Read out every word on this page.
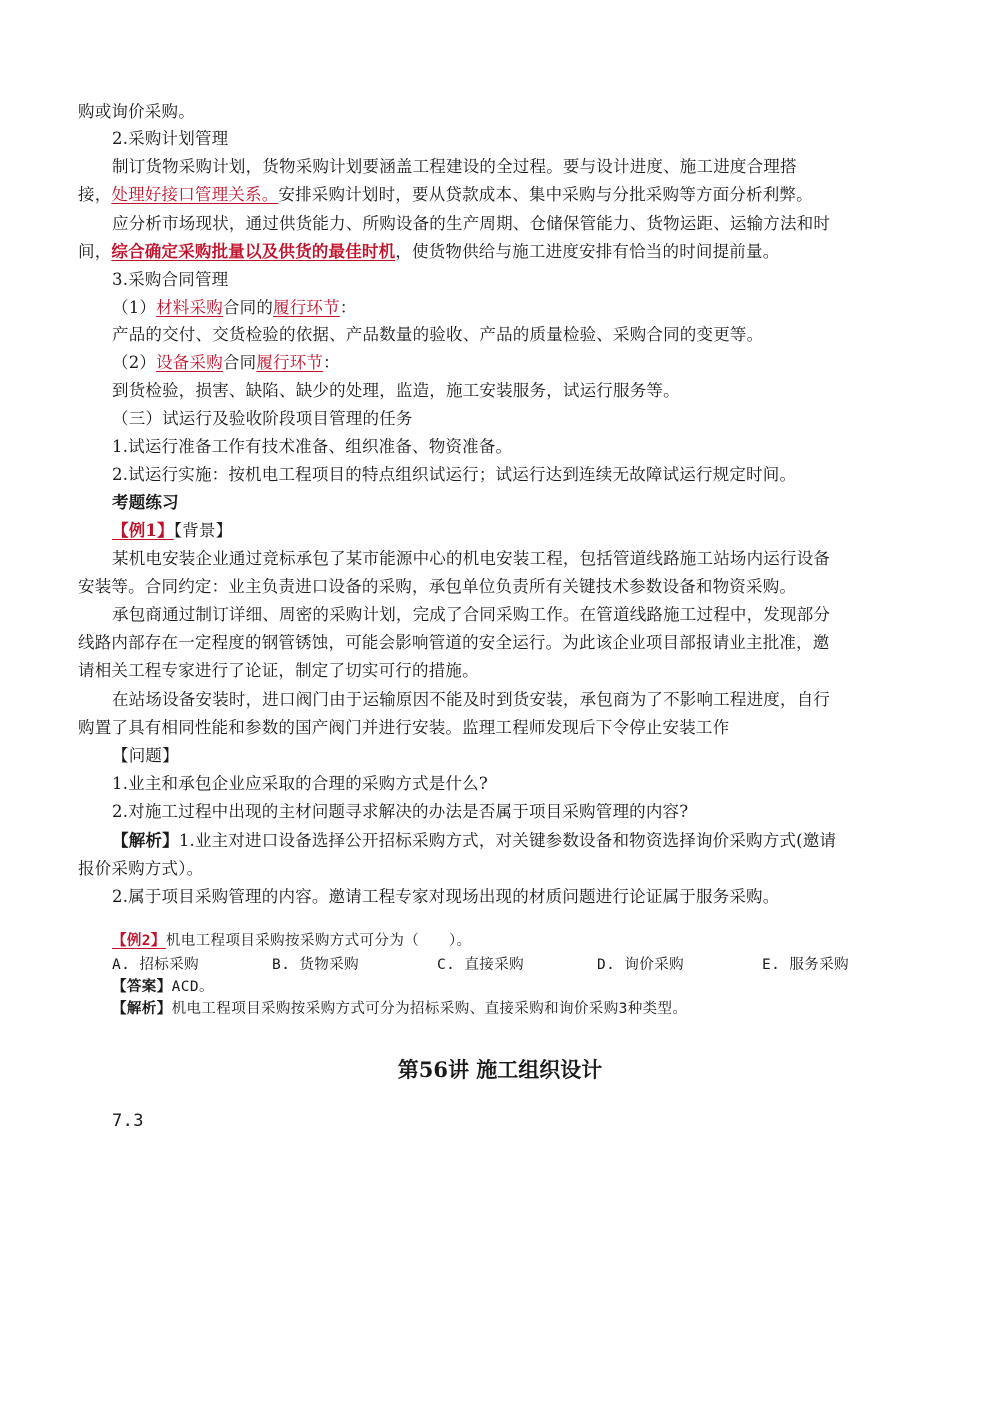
购或询价采购。
2.采购计划管理
制订货物采购计划，货物采购计划要涵盖工程建设的全过程。要与设计进度、施工进度合理搭
接，处理好接口管理关系。安排采购计划时，要从贷款成本、集中采购与分批采购等方面分析利弊。
应分析市场现状，通过供货能力、所购设备的生产周期、仓储保管能力、货物运距、运输方法和时
间，综合确定采购批量以及供货的最佳时机，使货物供给与施工进度安排有恰当的时间提前量。
3.采购合同管理
（1）材料采购合同的履行环节：
产品的交付、交货检验的依据、产品数量的验收、产品的质量检验、采购合同的变更等。
（2）设备采购合同履行环节：
到货检验，损害、缺陷、缺少的处理，监造，施工安装服务，试运行服务等。
（三）试运行及验收阶段项目管理的任务
1.试运行准备工作有技术准备、组织准备、物资准备。
2.试运行实施：按机电工程项目的特点组织试运行；试运行达到连续无故障试运行规定时间。
考题练习
【例1】【背景】
某机电安装企业通过竞标承包了某市能源中心的机电安装工程，包括管道线路施工站场内运行设备
安装等。合同约定：业主负责进口设备的采购，承包单位负责所有关键技术参数设备和物资采购。
承包商通过制订详细、周密的采购计划，完成了合同采购工作。在管道线路施工过程中，发现部分
线路内部存在一定程度的钢管锈蚀，可能会影响管道的安全运行。为此该企业项目部报请业主批准，邀
请相关工程专家进行了论证，制定了切实可行的措施。
在站场设备安装时，进口阀门由于运输原因不能及时到货安装，承包商为了不影响工程进度，自行
购置了具有相同性能和参数的国产阀门并进行安装。监理工程师发现后下令停止安装工作
【问题】
1.业主和承包企业应采取的合理的采购方式是什么?
2.对施工过程中出现的主材问题寻求解决的办法是否属于项目采购管理的内容?
【解析】1.业主对进口设备选择公开招标采购方式，对关键参数设备和物资选择询价采购方式(邀请
报价采购方式）。
2.属于项目采购管理的内容。邀请工程专家对现场出现的材质问题进行论证属于服务采购。
【例2】机电工程项目采购按采购方式可分为（　　）。
A. 招标采购	B. 货物采购	C. 直接采购	D. 询价采购	E. 服务采购
【答案】ACD。
【解析】机电工程项目采购按采购方式可分为招标采购、直接采购和询价采购3种类型。
第56讲 施工组织设计
7.3
